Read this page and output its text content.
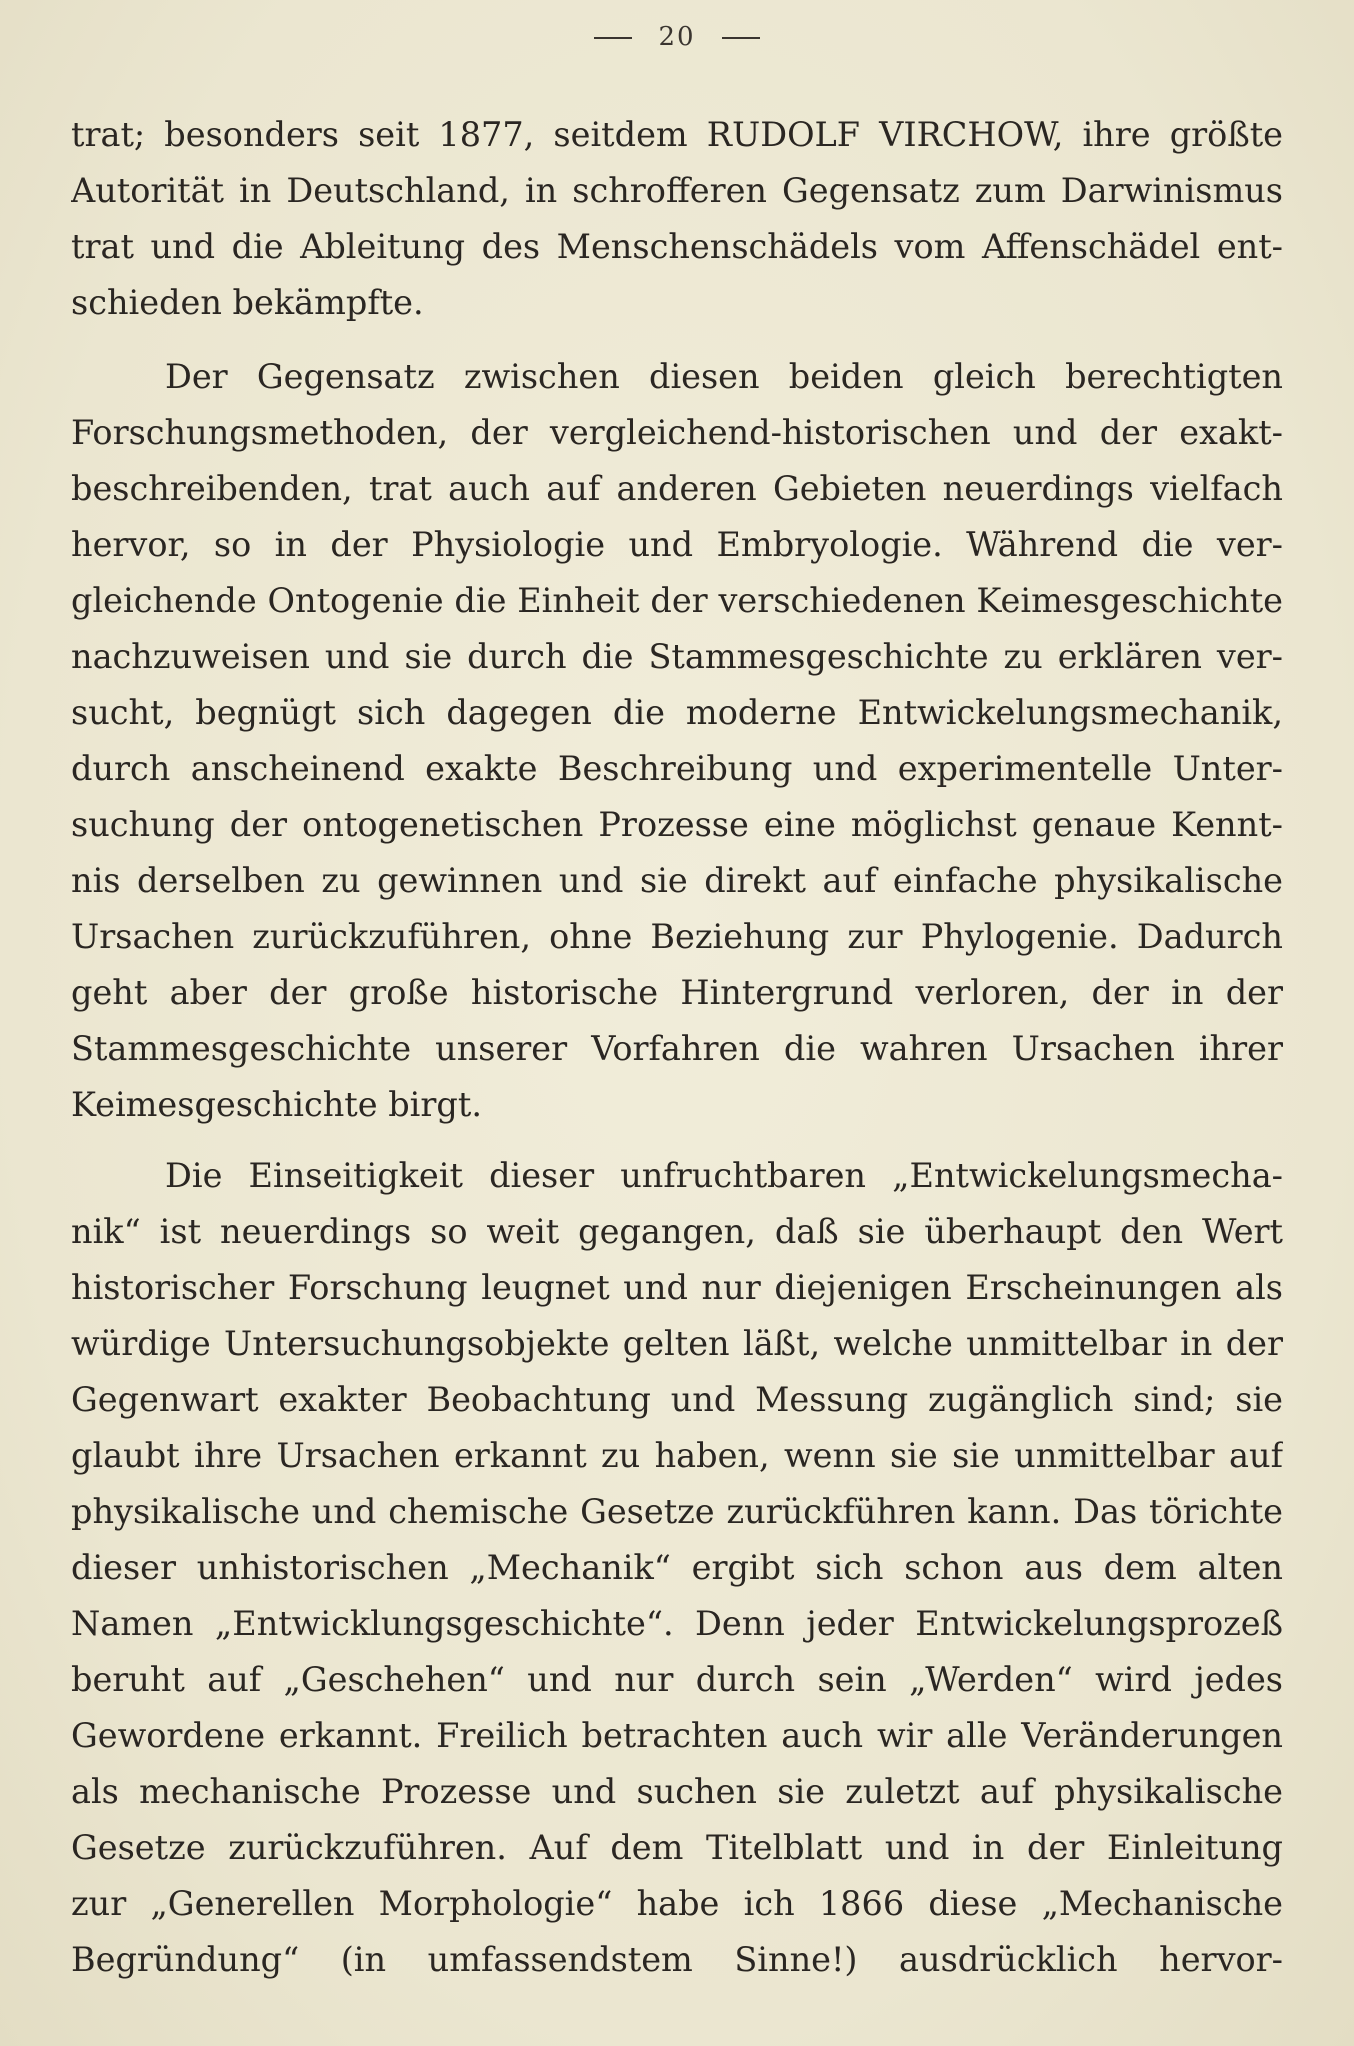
20
trat; besonders seit 1877, seitdem RUDOLF VIRCHOW, ihre größte
Autorität in Deutschland, in schrofferen Gegensatz zum Darwinismus
trat und die Ableitung des Menschenschädels vom Affenschädel ent-
schieden bekämpfte.
Der Gegensatz zwischen diesen beiden gleich berechtigten
Forschungsmethoden, der vergleichend-historischen und der exakt-
beschreibenden, trat auch auf anderen Gebieten neuerdings vielfach
hervor, so in der Physiologie und Embryologie. Während die ver-
gleichende Ontogenie die Einheit der verschiedenen Keimesgeschichte
nachzuweisen und sie durch die Stammesgeschichte zu erklären ver-
sucht, begnügt sich dagegen die moderne Entwickelungsmechanik,
durch anscheinend exakte Beschreibung und experimentelle Unter-
suchung der ontogenetischen Prozesse eine möglichst genaue Kennt-
nis derselben zu gewinnen und sie direkt auf einfache physikalische
Ursachen zurückzuführen, ohne Beziehung zur Phylogenie. Dadurch
geht aber der große historische Hintergrund verloren, der in der
Stammesgeschichte unserer Vorfahren die wahren Ursachen ihrer
Keimesgeschichte birgt.
Die Einseitigkeit dieser unfruchtbaren „Entwickelungsmecha-
nik“ ist neuerdings so weit gegangen, daß sie überhaupt den Wert
historischer Forschung leugnet und nur diejenigen Erscheinungen als
würdige Untersuchungsobjekte gelten läßt, welche unmittelbar in der
Gegenwart exakter Beobachtung und Messung zugänglich sind; sie
glaubt ihre Ursachen erkannt zu haben, wenn sie sie unmittelbar auf
physikalische und chemische Gesetze zurückführen kann. Das törichte
dieser unhistorischen „Mechanik“ ergibt sich schon aus dem alten
Namen „Entwicklungsgeschichte“. Denn jeder Entwickelungsprozeß
beruht auf „Geschehen“ und nur durch sein „Werden“ wird jedes
Gewordene erkannt. Freilich betrachten auch wir alle Veränderungen
als mechanische Prozesse und suchen sie zuletzt auf physikalische
Gesetze zurückzuführen. Auf dem Titelblatt und in der Einleitung
zur „Generellen Morphologie“ habe ich 1866 diese „Mechanische
Begründung“ (in umfassendstem Sinne!) ausdrücklich hervor-
